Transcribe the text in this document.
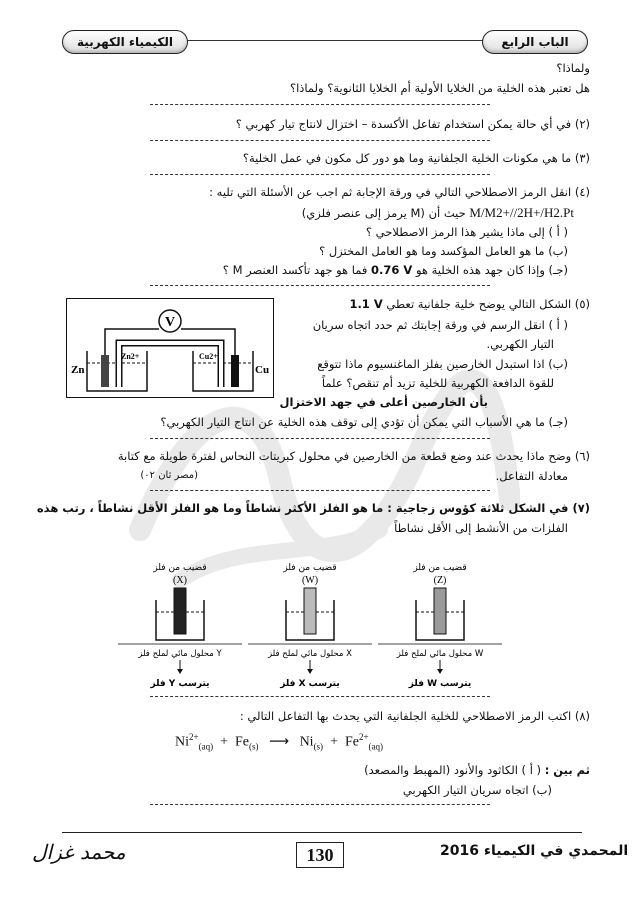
الباب الرابع
الكيمياء الكهربية
ولماذا؟
هل تعتبر هذه الخلية من الخلايا الأولية أم الخلايا الثانوية؟ ولماذا؟
(٢) في أي حالة يمكن استخدام تفاعل الأكسدة – اختزال لانتاج تيار كهربي ؟
(٣) ما هي مكونات الخلية الجلفانية وما هو دور كل مكون في عمل الخلية؟
(٤) انقل الرمز الاصطلاحي التالي في ورقة الإجابة ثم اجب عن الأسئلة التي تليه :
M/M2+//2H+/H2.Pt حيث أن (M يرمز إلى عنصر فلزي)
( أ ) إلى ماذا يشير هذا الرمز الاصطلاحي ؟
(ب) ما هو العامل المؤكسد وما هو العامل المختزل ؟
(جـ) وإذا كان جهد هذه الخلية هو 0.76 V فما هو جهد تأكسد العنصر M ؟
(٥) الشكل التالي يوضح خلية جلفانية تعطي 1.1 V
( أ ) انقل الرسم في ورقة إجابتك ثم حدد اتجاه سريان
التيار الكهربي.
(ب) اذا استبدل الخارصين بفلز الماغنسيوم ماذا تتوقع
للقوة الدافعة الكهربية للخلية تزيد أم تنقص؟ علماً
بأن الخارصين أعلى في جهد الاختزال
(جـ) ما هي الأسباب التي يمكن أن تؤدي إلى توقف هذه الخلية عن انتاج التيار الكهربي؟
V
Zn	Cu
Zn2+	Cu2+
(٦) وضح ماذا يحدث عند وضع قطعة من الخارصين في محلول كبريتات النحاس لفترة طويلة مع كتابة
معادلة التفاعل.
(مصر ثان ٠٢)
(٧) في الشكل ثلاثة كؤوس زجاجية : ما هو الفلز الأكثر نشاطاً وما هو الفلز الأقل نشاطاً ، رتب هذه
الفلزات من الأنشط إلى الأقل نشاطاً
قضيب من فلز
(Z)
محلول مائي لملح فلز W
فلز W يترسب
قضيب من فلز
(W)
محلول مائي لملح فلز X
فلز X يترسب
قضيب من فلز
(X)
محلول مائي لملح فلز Y
فلز Y يترسب
(٨) اكتب الرمز الاصطلاحي للخلية الجلفانية التي يحدث بها التفاعل التالي :
$Ni^{2+}_{(aq)} + Fe_{(s)}$ ⟶ $Ni_{(s)} + Fe^{2+}_{(aq)}$
ثم بين : ( أ ) الكاثود والأنود (المهبط والمصعد)
(ب) اتجاه سريان التيار الكهربي
130
محمد غزال	المحمدي في الكيمياء 2016
